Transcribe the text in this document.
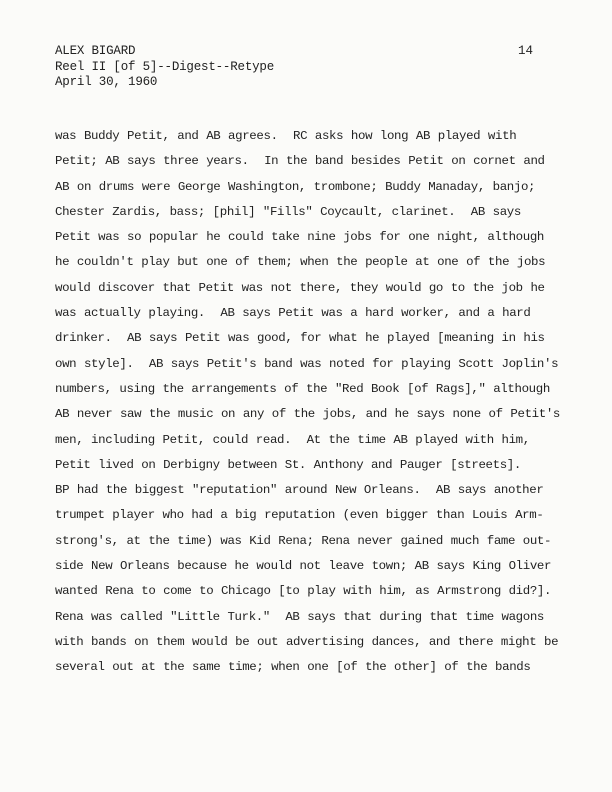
ALEX BIGARD
Reel II [of 5]--Digest--Retype
April 30, 1960
14
was Buddy Petit, and AB agrees.  RC asks how long AB played with
Petit; AB says three years.  In the band besides Petit on cornet and
AB on drums were George Washington, trombone; Buddy Manaday, banjo;
Chester Zardis, bass; [phil] "Fills" Coycault, clarinet.  AB says
Petit was so popular he could take nine jobs for one night, although
he couldn't play but one of them; when the people at one of the jobs
would discover that Petit was not there, they would go to the job he
was actually playing.  AB says Petit was a hard worker, and a hard
drinker.  AB says Petit was good, for what he played [meaning in his
own style].  AB says Petit's band was noted for playing Scott Joplin's
numbers, using the arrangements of the "Red Book [of Rags]," although
AB never saw the music on any of the jobs, and he says none of Petit's
men, including Petit, could read.  At the time AB played with him,
Petit lived on Derbigny between St. Anthony and Pauger [streets].
BP had the biggest "reputation" around New Orleans.  AB says another
trumpet player who had a big reputation (even bigger than Louis Arm-
strong's, at the time) was Kid Rena; Rena never gained much fame out-
side New Orleans because he would not leave town; AB says King Oliver
wanted Rena to come to Chicago [to play with him, as Armstrong did?].
Rena was called "Little Turk."  AB says that during that time wagons
with bands on them would be out advertising dances, and there might be
several out at the same time; when one [of the other] of the bands
